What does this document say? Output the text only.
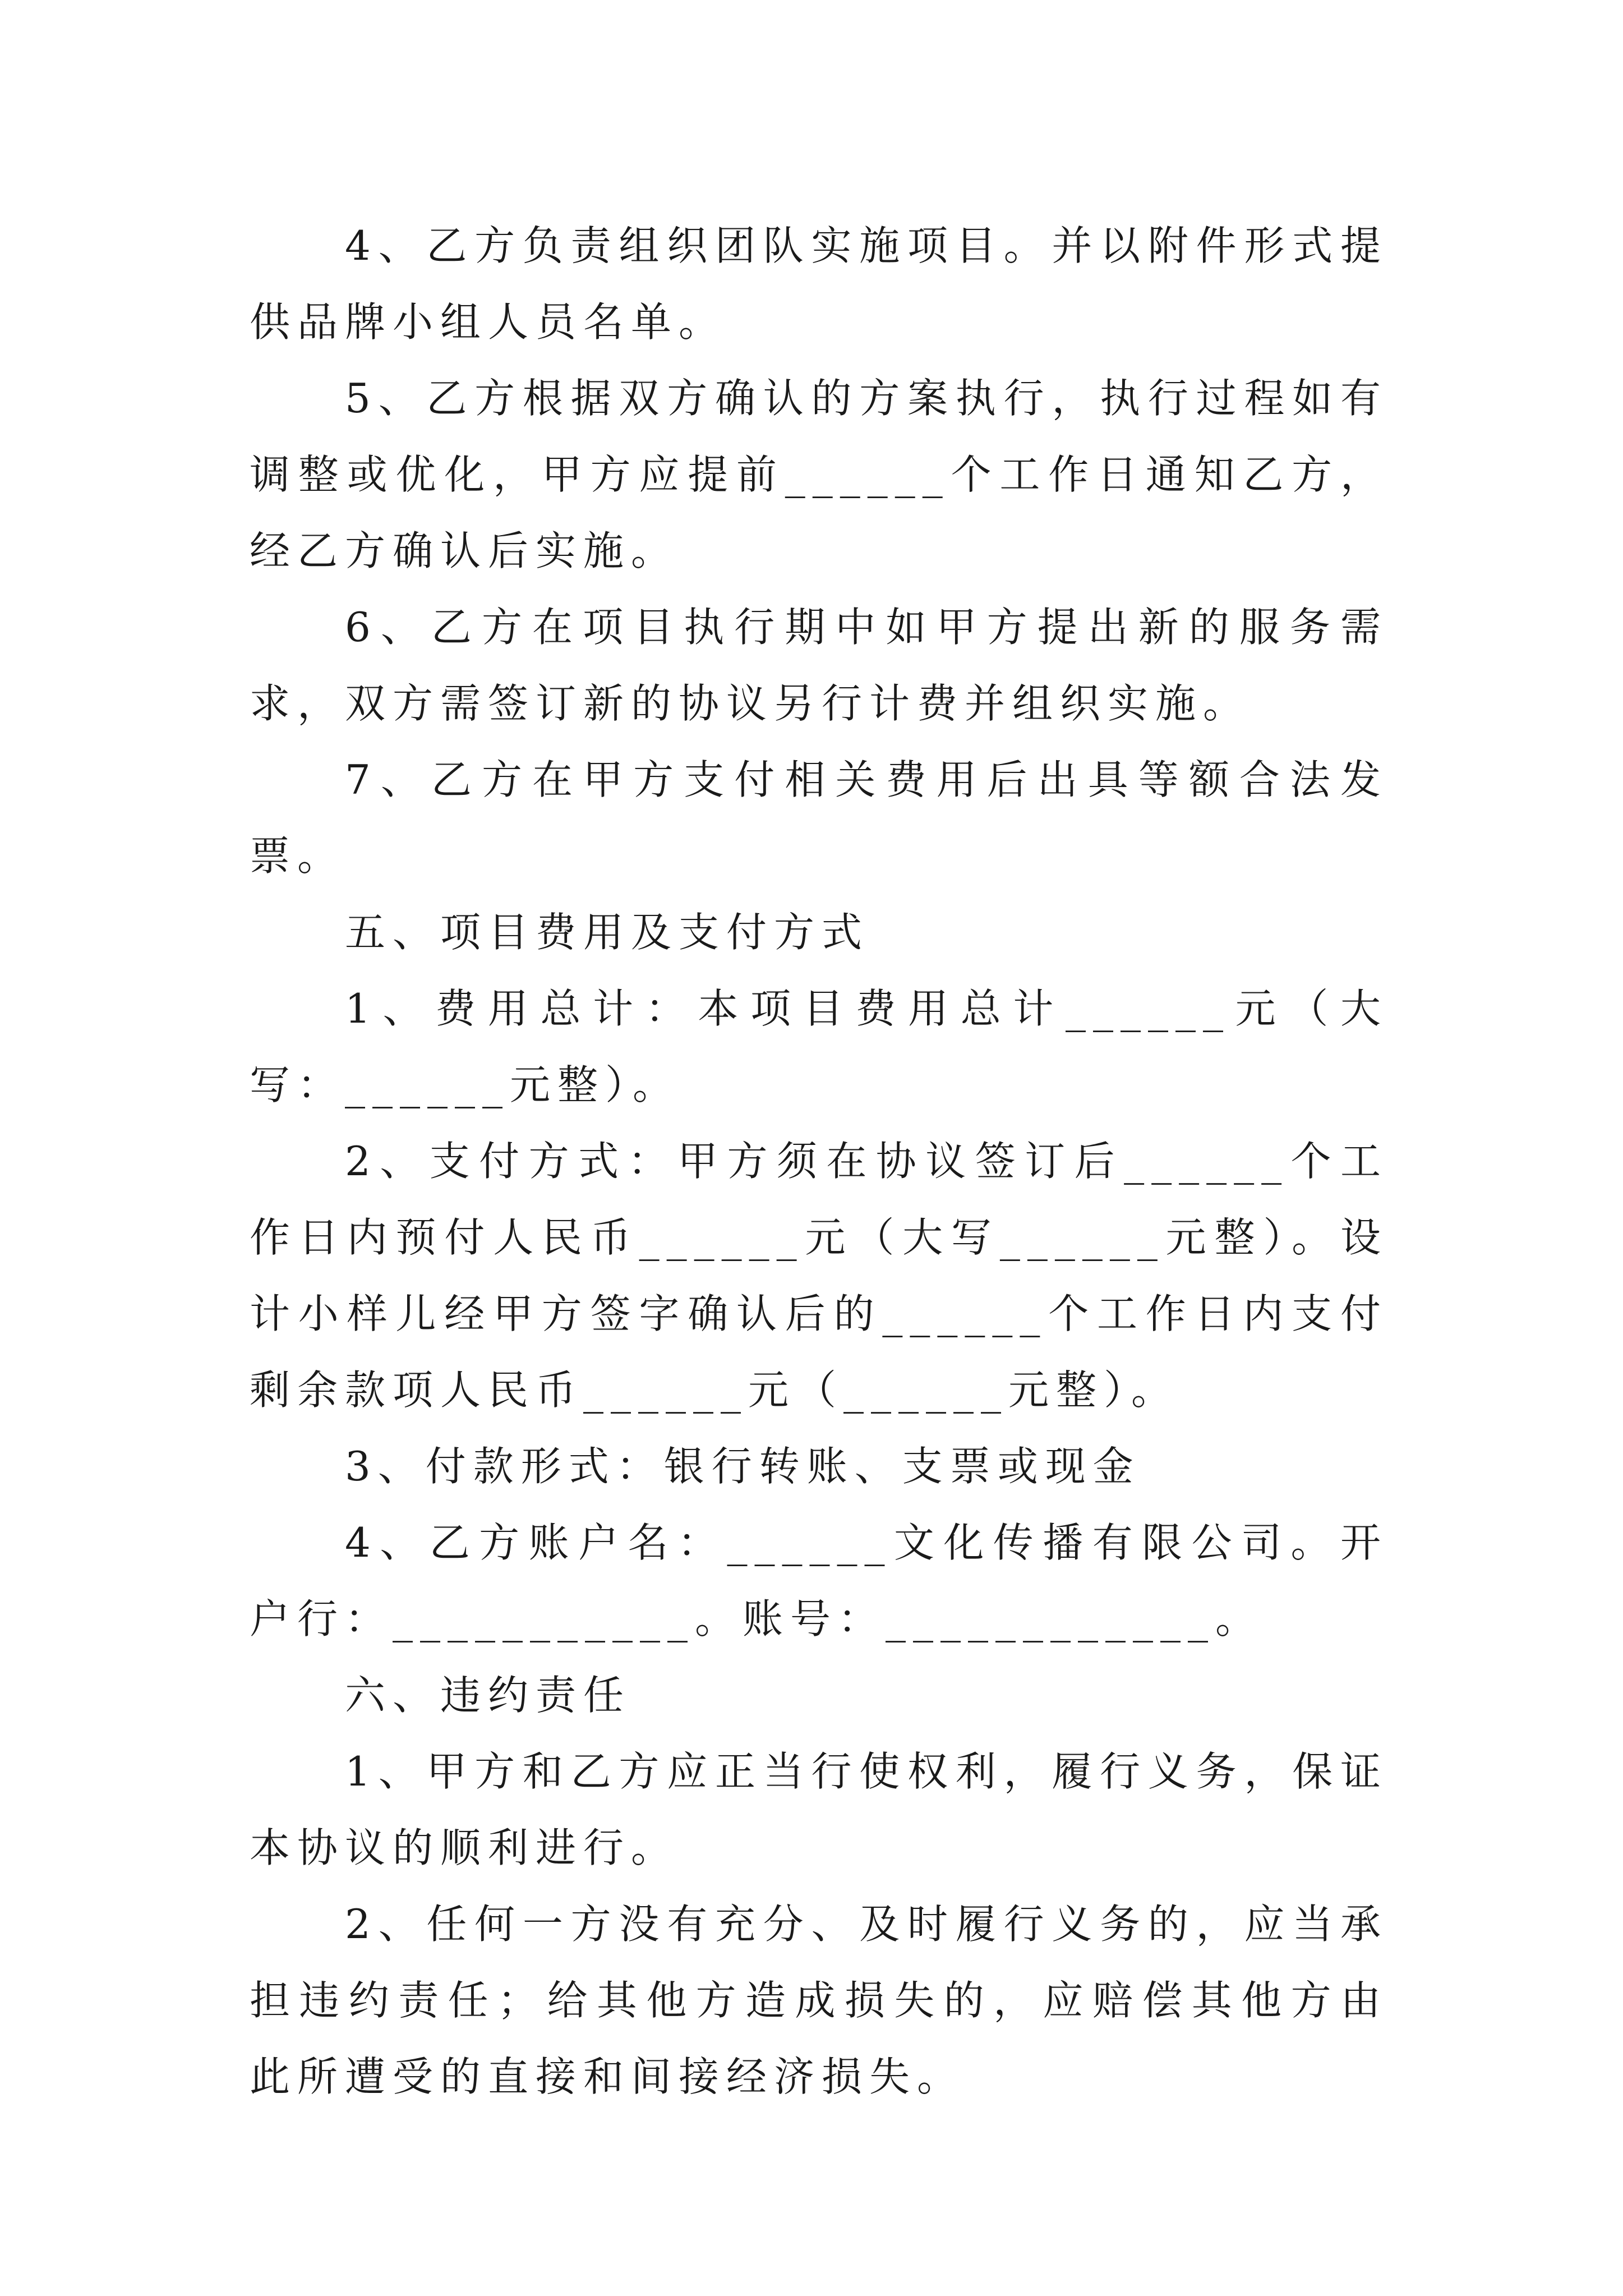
4、乙方负责组织团队实施项目。并以附件形式提供品牌小组人员名单。

5、乙方根据双方确认的方案执行，执行过程如有调整或优化，甲方应提前______个工作日通知乙方，经乙方确认后实施。

6、乙方在项目执行期中如甲方提出新的服务需求，双方需签订新的协议另行计费并组织实施。

7、乙方在甲方支付相关费用后出具等额合法发票。

五、项目费用及支付方式

1、费用总计：本项目费用总计______元（大写：______元整）。

2、支付方式：甲方须在协议签订后______个工作日内预付人民币______元（大写______元整）。设计小样儿经甲方签字确认后的______个工作日内支付剩余款项人民币______元（______元整）。

3、付款形式：银行转账、支票或现金

4、乙方账户名：______文化传播有限公司。开户行：___________。账号：____________。

六、违约责任

1、甲方和乙方应正当行使权利，履行义务，保证本协议的顺利进行。

2、任何一方没有充分、及时履行义务的，应当承担违约责任；给其他方造成损失的，应赔偿其他方由此所遭受的直接和间接经济损失。
